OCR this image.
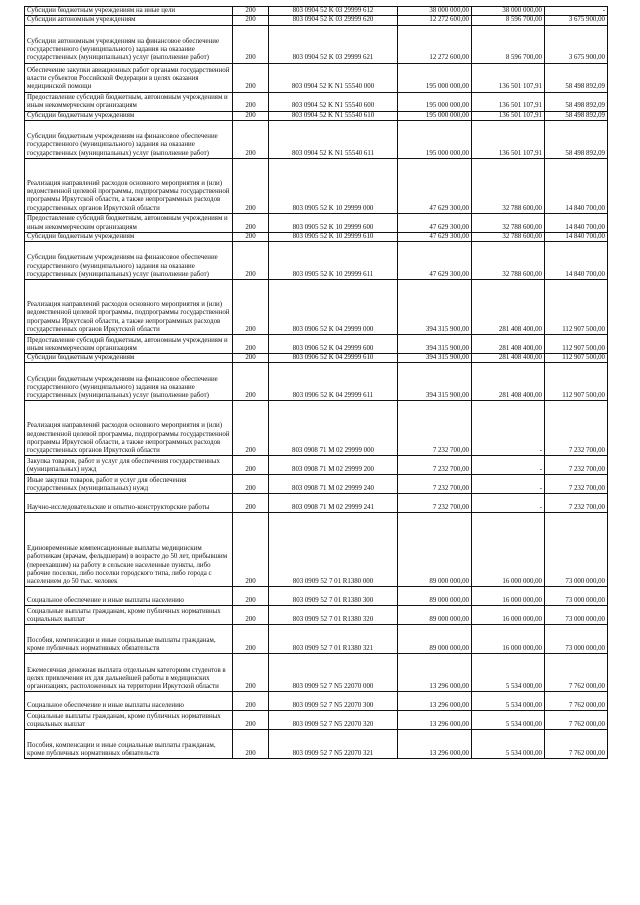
Субсидии бюджетным учреждениям на иные цели	200	803 0904 52 K 03 29999 612	38 000 000,00	38 000 000,00	-
Субсидии автономным учреждениям	200	803 0904 52 K 03 29999 620	12 272 600,00	8 596 700,00	3 675 900,00
Субсидии автономным учреждениям на финансовое обеспечение государственного (муниципального) задания на оказание государственных (муниципальных) услуг (выполнение работ)	200	803 0904 52 K 03 29999 621	12 272 600,00	8 596 700,00	3 675 900,00
Обеспечение закупки авиационных работ органами государственной власти субъектов Российской Федерации в целях оказания медицинской помощи	200	803 0904 52 K N1 55540 000	195 000 000,00	136 501 107,91	58 498 892,09
Предоставление субсидий бюджетным, автономным учреждениям и иным некоммерческим организациям	200	803 0904 52 K N1 55540 600	195 000 000,00	136 501 107,91	58 498 892,09
Субсидии бюджетным учреждениям	200	803 0904 52 K N1 55540 610	195 000 000,00	136 501 107,91	58 498 892,09
Субсидии бюджетным учреждениям на финансовое обеспечение государственного (муниципального) задания на оказание государственных (муниципальных) услуг (выполнение работ)	200	803 0904 52 K N1 55540 611	195 000 000,00	136 501 107,91	58 498 892,09
Реализация направлений расходов основного мероприятия и (или) ведомственной целевой программы, подпрограммы государственной программы Иркутской области, а также непрограммных расходов государственных органов Иркутской области	200	803 0905 52 K 10 29999 000	47 629 300,00	32 788 600,00	14 840 700,00
Предоставление субсидий бюджетным, автономным учреждениям и иным некоммерческим организациям	200	803 0905 52 K 10 29999 600	47 629 300,00	32 788 600,00	14 840 700,00
Субсидии бюджетным учреждениям	200	803 0905 52 K 10 29999 610	47 629 300,00	32 788 600,00	14 840 700,00
Субсидии бюджетным учреждениям на финансовое обеспечение государственного (муниципального) задания на оказание государственных (муниципальных) услуг (выполнение работ)	200	803 0905 52 K 10 29999 611	47 629 300,00	32 788 600,00	14 840 700,00
Реализация направлений расходов основного мероприятия и (или) ведомственной целевой программы, подпрограммы государственной программы Иркутской области, а также непрограммных расходов государственных органов Иркутской области	200	803 0906 52 K 04 29999 000	394 315 900,00	281 408 400,00	112 907 500,00
Предоставление субсидий бюджетным, автономным учреждениям и иным некоммерческим организациям	200	803 0906 52 K 04 29999 600	394 315 900,00	281 408 400,00	112 907 500,00
Субсидии бюджетным учреждениям	200	803 0906 52 K 04 29999 610	394 315 900,00	281 408 400,00	112 907 500,00
Субсидии бюджетным учреждениям на финансовое обеспечение государственного (муниципального) задания на оказание государственных (муниципальных) услуг (выполнение работ)	200	803 0906 52 K 04 29999 611	394 315 900,00	281 408 400,00	112 907 500,00
Реализация направлений расходов основного мероприятия и (или) ведомственной целевой программы, подпрограммы государственной программы Иркутской области, а также непрограммных расходов государственных органов Иркутской области	200	803 0908 71 M 02 29999 000	7 232 700,00	-	7 232 700,00
Закупка товаров, работ и услуг для обеспечения государственных (муниципальных) нужд	200	803 0908 71 M 02 29999 200	7 232 700,00	-	7 232 700,00
Иные закупки товаров, работ и услуг для обеспечения государственных (муниципальных) нужд	200	803 0908 71 M 02 29999 240	7 232 700,00	-	7 232 700,00
Научно-исследовательские и опытно-конструкторские работы	200	803 0908 71 M 02 29999 241	7 232 700,00	-	7 232 700,00
Единовременные компенсационные выплаты медицинским работникам (врачам, фельдшерам) в возрасте до 50 лет, прибывшим (переехавшим) на работу в сельские населенные пункты, либо рабочие поселки, либо поселки городского типа, либо города с населением до 50 тыс. человек	200	803 0909 52 7 01 R1380 000	89 000 000,00	16 000 000,00	73 000 000,00
Социальное обеспечение и иные выплаты населению	200	803 0909 52 7 01 R1380 300	89 000 000,00	16 000 000,00	73 000 000,00
Социальные выплаты гражданам, кроме публичных нормативных социальных выплат	200	803 0909 52 7 01 R1380 320	89 000 000,00	16 000 000,00	73 000 000,00
Пособия, компенсации и иные социальные выплаты гражданам, кроме публичных нормативных обязательств	200	803 0909 52 7 01 R1380 321	89 000 000,00	16 000 000,00	73 000 000,00
Ежемесячная денежная выплата отдельным категориям студентов в целях привлечения их для дальнейшей работы в медицинских организациях, расположенных на территории Иркутской области	200	803 0909 52 7 N5 22070 000	13 296 000,00	5 534 000,00	7 762 000,00
Социальное обеспечение и иные выплаты населению	200	803 0909 52 7 N5 22070 300	13 296 000,00	5 534 000,00	7 762 000,00
Социальные выплаты гражданам, кроме публичных нормативных социальных выплат	200	803 0909 52 7 N5 22070 320	13 296 000,00	5 534 000,00	7 762 000,00
Пособия, компенсации и иные социальные выплаты гражданам, кроме публичных нормативных обязательств	200	803 0909 52 7 N5 22070 321	13 296 000,00	5 534 000,00	7 762 000,00
